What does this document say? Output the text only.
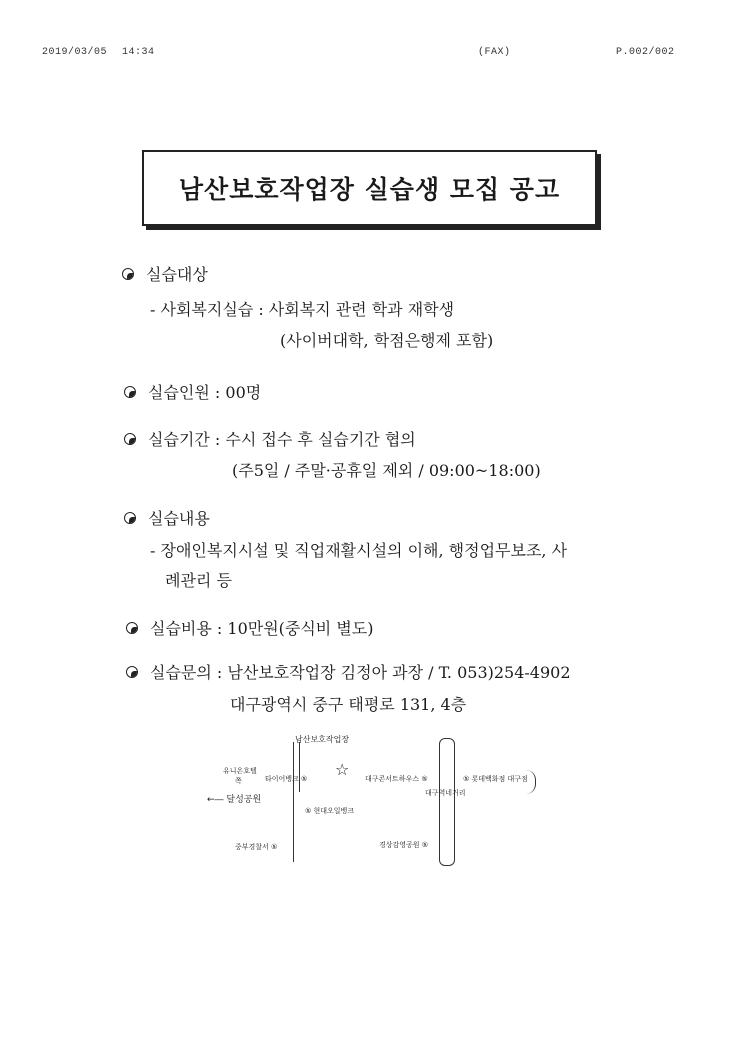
2019/03/05 14:34	(FAX)	P.002/002
남산보호작업장 실습생 모집 공고
실습대상
- 사회복지실습 : 사회복지 관련 학과 재학생
(사이버대학, 학점은행제 포함)
실습인원 : 00명
실습기간 : 수시 접수 후 실습기간 협의
(주5일 / 주말·공휴일 제외 / 09:00~18:00)
실습내용
- 장애인복지시설 및 직업재활시설의 이해, 행정업무보조, 사
례관리 등
실습비용 : 10만원(중식비 별도)
실습문의 : 남산보호작업장 김정아 과장 / T. 053)254-4902
대구광역시 중구 태평로 131, 4층
남산보호작업장
☆
유니온호텔
쪽	타이어뱅크 ⑤
←― 달성공원
대구콘서트하우스 ⑤	⑤ 롯데백화점 대구점
대구역네거리
⑤ 현대오일뱅크
중부경찰서 ⑤	경상감영공원 ⑤
